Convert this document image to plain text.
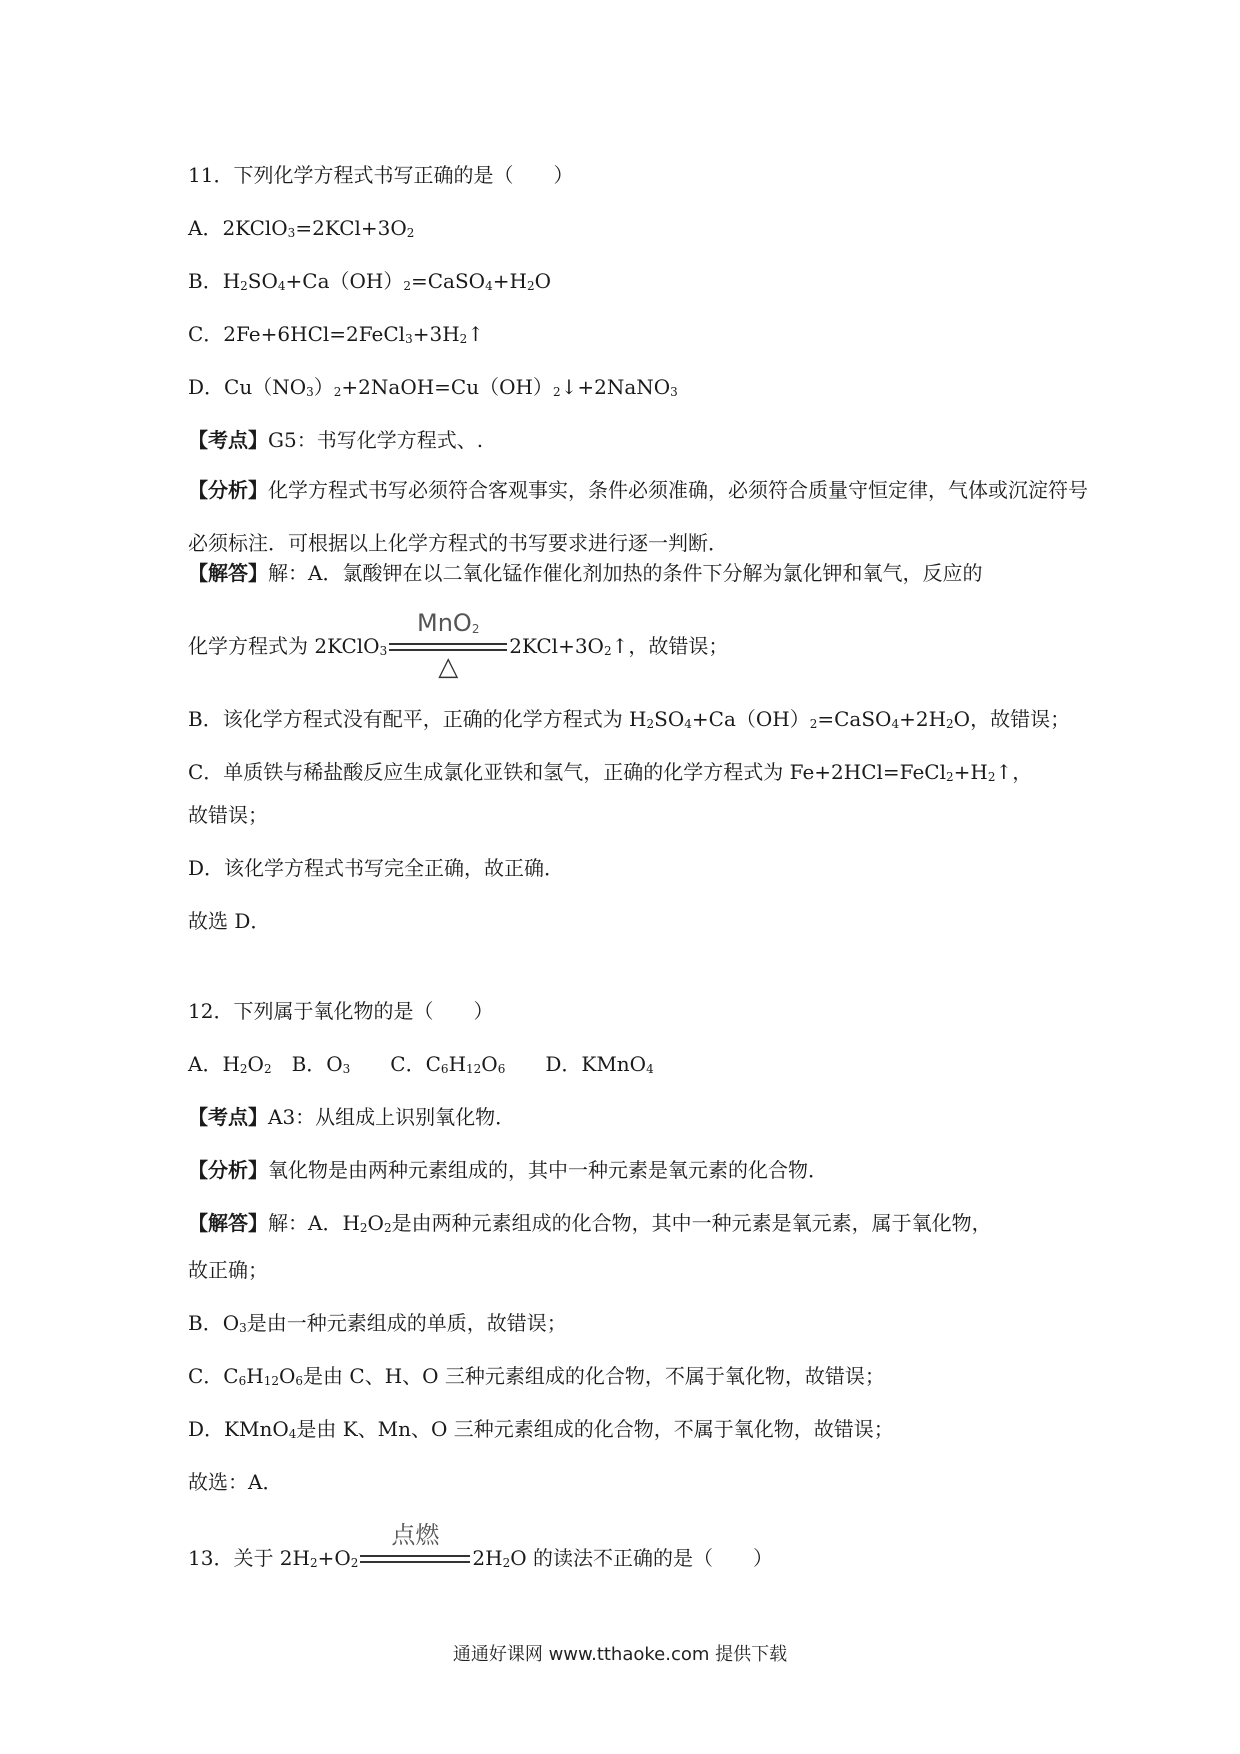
11．下列化学方程式书写正确的是（　　）
A．$2KClO_3=2KCl+3O_2$
B．$H_2SO_4+Ca(OH)_2=CaSO_4+H_2O$
C．$2Fe+6HCl=2FeCl_3+3H_2↑$
D．$Cu(NO_3)_2+2NaOH=Cu(OH)_2↓+2NaNO_3$
【考点】G5：书写化学方程式、.
【分析】化学方程式书写必须符合客观事实，条件必须准确，必须符合质量守恒定律，气体或沉淀符号必须标注．可根据以上化学方程式的书写要求进行逐一判断．
【解答】解：A．氯酸钾在以二氧化锰作催化剂加热的条件下分解为氯化钾和氧气，反应的
化学方程式为 2KClO$_3$
MnO$_2$
△
$2KCl+3O_2↑$，故错误；
B．该化学方程式没有配平，正确的化学方程式为 $H_2SO_4+Ca(OH)_2=CaSO_4+2H_2O$，故错误；
C．单质铁与稀盐酸反应生成氯化亚铁和氢气，正确的化学方程式为 $Fe+2HCl=FeCl_2+H_2↑$，
故错误；
D．该化学方程式书写完全正确，故正确．
故选 D．
12．下列属于氧化物的是（　　）
A．$H_2O_2$　B．$O_3$　　C．$C_6H_{12}O_6$　　D．KMnO$_4$
【考点】A3：从组成上识别氧化物．
【分析】氧化物是由两种元素组成的，其中一种元素是氧元素的化合物．
【解答】解：A．$H_2O_2$是由两种元素组成的化合物，其中一种元素是氧元素，属于氧化物，
故正确；
B．$O_3$是由一种元素组成的单质，故错误；
C．$C_6H_{12}O_6$是由 C、H、O 三种元素组成的化合物，不属于氧化物，故错误；
D．KMnO$_4$是由 K、Mn、O 三种元素组成的化合物，不属于氧化物，故错误；
故选：A．
13．关于 $2H_2+O_2$
点燃
$2H_2O$ 的读法不正确的是（　　）
通通好课网 www.tthaoke.com 提供下载
